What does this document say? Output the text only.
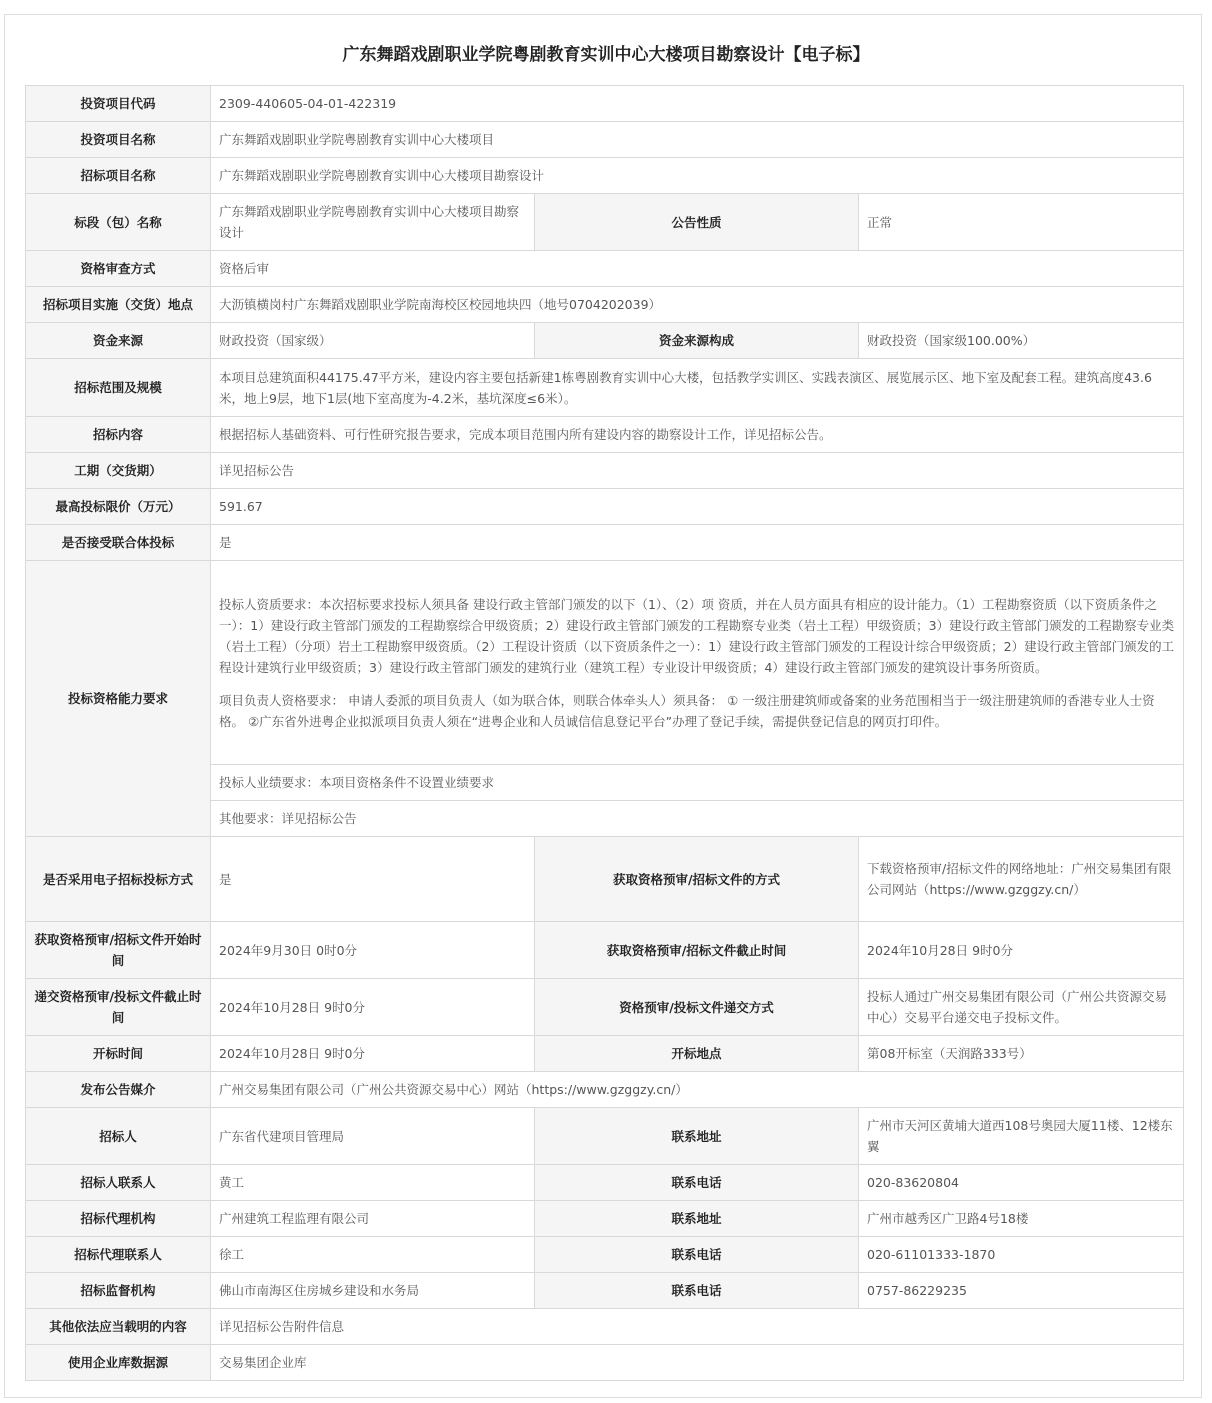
广东舞蹈戏剧职业学院粤剧教育实训中心大楼项目勘察设计【电子标】
投资项目代码	2309-440605-04-01-422319		
投资项目名称	广东舞蹈戏剧职业学院粤剧教育实训中心大楼项目		
招标项目名称	广东舞蹈戏剧职业学院粤剧教育实训中心大楼项目勘察设计		
标段（包）名称	广东舞蹈戏剧职业学院粤剧教育实训中心大楼项目勘察设计	公告性质	正常
资格审查方式	资格后审		
招标项目实施（交货）地点	大沥镇横岗村广东舞蹈戏剧职业学院南海校区校园地块四（地号0704202039）		
资金来源	财政投资（国家级）	资金来源构成	财政投资（国家级100.00%）
招标范围及规模	本项目总建筑面积44175.47平方米，建设内容主要包括新建1栋粤剧教育实训中心大楼，包括教学实训区、实践表演区、展览展示区、地下室及配套工程。建筑高度43.6米，地上9层，地下1层(地下室高度为-4.2米，基坑深度≤6米）。		
招标内容	根据招标人基础资料、可行性研究报告要求，完成本项目范围内所有建设内容的勘察设计工作，详见招标公告。		
工期（交货期）	详见招标公告		
最高投标限价（万元）	591.67		
是否接受联合体投标	是		
投标资格能力要求	投标人资质要求：本次招标要求投标人须具备 建设行政主管部门颁发的以下（1）、（2）项 资质，并在人员方面具有相应的设计能力。（1）工程勘察资质（以下资质条件之一）：1）建设行政主管部门颁发的工程勘察综合甲级资质；2）建设行政主管部门颁发的工程勘察专业类（岩土工程）甲级资质；3）建设行政主管部门颁发的工程勘察专业类（岩土工程）（分项）岩土工程勘察甲级资质。（2）工程设计资质（以下资质条件之一）：1）建设行政主管部门颁发的工程设计综合甲级资质；2）建设行政主管部门颁发的工程设计建筑行业甲级资质；3）建设行政主管部门颁发的建筑行业（建筑工程）专业设计甲级资质；4）建设行政主管部门颁发的建筑设计事务所资质。

项目负责人资格要求： 申请人委派的项目负责人（如为联合体，则联合体牵头人）须具备： ① 一级注册建筑师或备案的业务范围相当于一级注册建筑师的香港专业人士资格。 ②广东省外进粤企业拟派项目负责人须在“进粤企业和人员诚信信息登记平台”办理了登记手续，需提供登记信息的网页打印件。		

	投标人业绩要求：本项目资格条件不设置业绩要求		
	其他要求：详见招标公告		
是否采用电子招标投标方式	是	获取资格预审/招标文件的方式	下载资格预审/招标文件的网络地址：广州交易集团有限公司网站（https://www.gzggzy.cn/）
获取资格预审/招标文件开始时间	2024年9月30日 0时0分	获取资格预审/招标文件截止时间	2024年10月28日 9时0分
递交资格预审/投标文件截止时间	2024年10月28日 9时0分	资格预审/投标文件递交方式	投标人通过广州交易集团有限公司（广州公共资源交易中心）交易平台递交电子投标文件。
开标时间	2024年10月28日 9时0分	开标地点	第08开标室（天润路333号）
发布公告媒介	广州交易集团有限公司（广州公共资源交易中心）网站（https://www.gzggzy.cn/）		
招标人	广东省代建项目管理局	联系地址	广州市天河区黄埔大道西108号奥园大厦11楼、12楼东翼
招标人联系人	黄工	联系电话	020-83620804
招标代理机构	广州建筑工程监理有限公司	联系地址	广州市越秀区广卫路4号18楼
招标代理联系人	徐工	联系电话	020-61101333-1870
招标监督机构	佛山市南海区住房城乡建设和水务局	联系电话	0757-86229235
其他依法应当载明的内容	详见招标公告附件信息		
使用企业库数据源	交易集团企业库		
